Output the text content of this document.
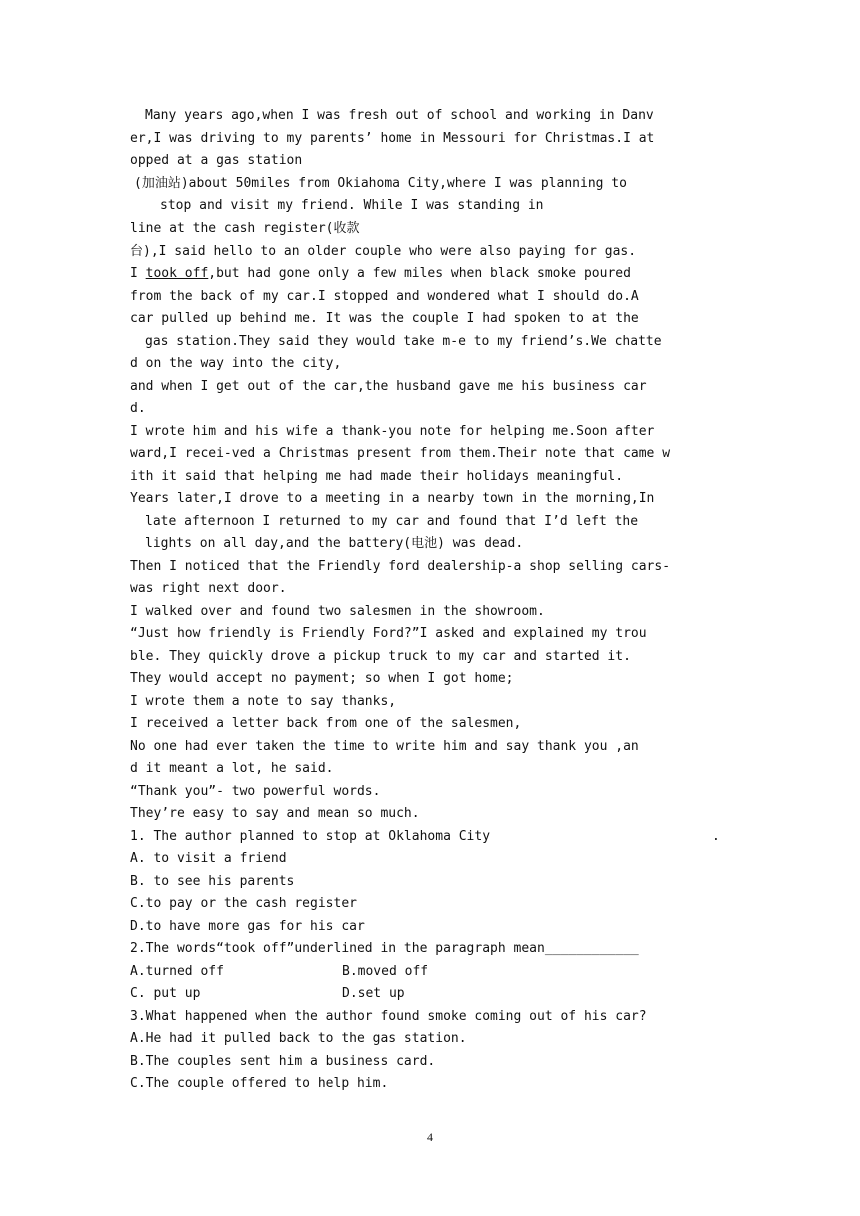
Many years ago,when I was fresh out of school and working in Danv
er,I was driving to my parents’ home in Messouri for Christmas.I at
opped at a gas station
(加油站)about 50miles from Okiahoma City,where I was planning to
stop and visit my friend. While I was standing in
line at the cash register(收款
台),I said hello to an older couple who were also paying for gas.
I took off,but had gone only a few miles when black smoke poured
from the back of my car.I stopped and wondered what I should do.A
car pulled up behind me. It was the couple I had spoken to at the
gas station.They said they would take m-e to my friend’s.We chatte
d on the way into the city,
and when I get out of the car,the husband gave me his business car
d.
I wrote him and his wife a thank-you note for helping me.Soon after
ward,I recei-ved a Christmas present from them.Their note that came w
ith it said that helping me had made their holidays meaningful.
Years later,I drove to a meeting in a nearby town in the morning,In
late afternoon I returned to my car and found that I’d left the
lights on all day,and the battery(电池) was dead.
Then I noticed that the Friendly ford dealership-a shop selling cars-
was right next door.
I walked over and found two salesmen in the showroom.
“Just how friendly is Friendly Ford?”I asked and explained my trou
ble. They quickly drove a pickup truck to my car and started it.
They would accept no payment; so when I got home;
I wrote them a note to say thanks,
I received a letter back from one of the salesmen,
No one had ever taken the time to write him and say thank you ,an
d it meant a lot, he said.
“Thank you”- two powerful words.
They’re easy to say and mean so much.
1. The author planned to stop at Oklahoma City	.
A. to visit a friend
B. to see his parents
C.to pay or the cash register
D.to have more gas for his car
2.The words“took off”underlined in the paragraph mean____________
A.turned off	B.moved off
C. put up	D.set up
3.What happened when the author found smoke coming out of his car?
A.He had it pulled back to the gas station.
B.The couples sent him a business card.
C.The couple offered to help him.
4
